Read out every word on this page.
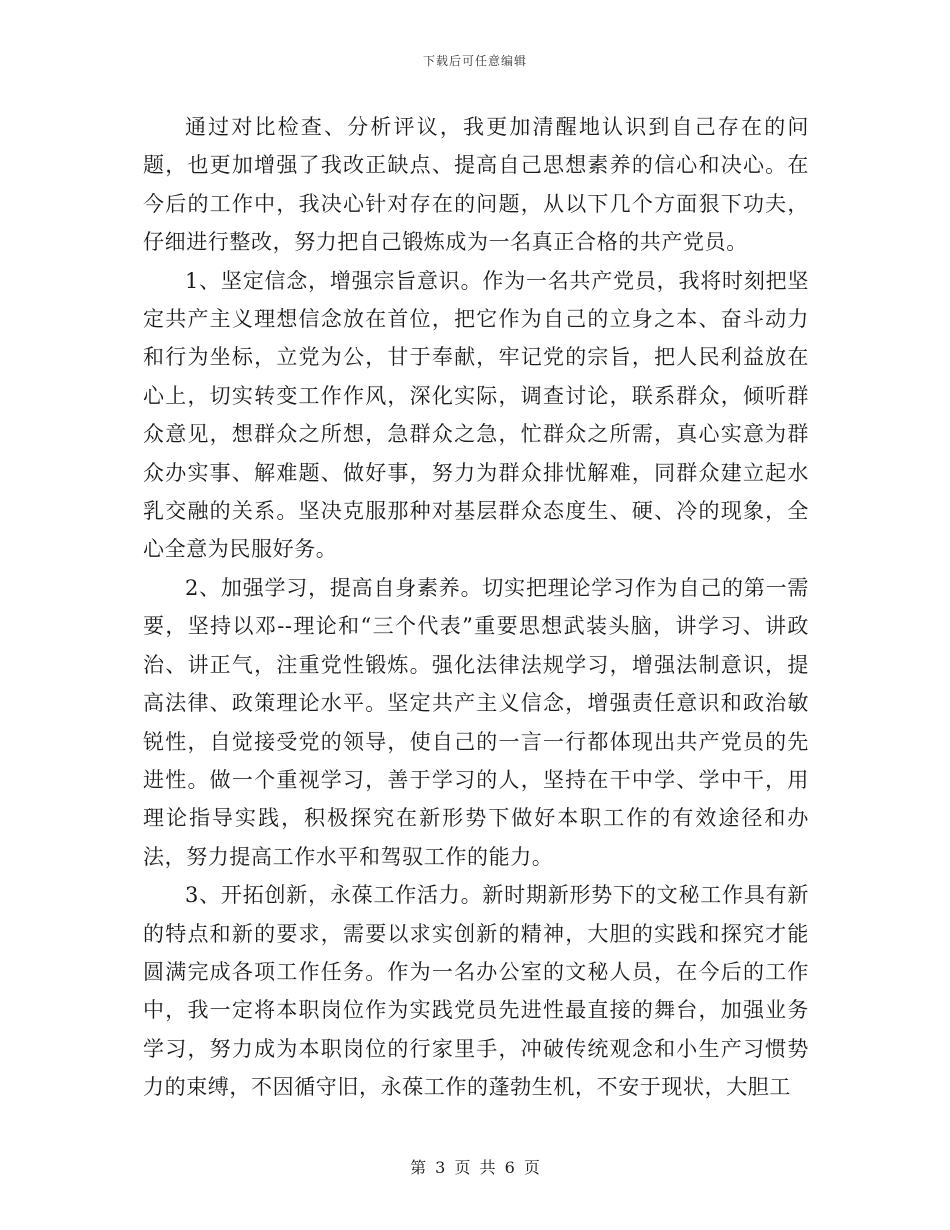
下载后可任意编辑

通过对比检查、分析评议，我更加清醒地认识到自己存在的问题，也更加增强了我改正缺点、提高自己思想素养的信心和决心。在今后的工作中，我决心针对存在的问题，从以下几个方面狠下功夫，仔细进行整改，努力把自己锻炼成为一名真正合格的共产党员。

1、坚定信念，增强宗旨意识。作为一名共产党员，我将时刻把坚定共产主义理想信念放在首位，把它作为自己的立身之本、奋斗动力和行为坐标，立党为公，甘于奉献，牢记党的宗旨，把人民利益放在心上，切实转变工作作风，深化实际，调查讨论，联系群众，倾听群众意见，想群众之所想，急群众之急，忙群众之所需，真心实意为群众办实事、解难题、做好事，努力为群众排忧解难，同群众建立起水乳交融的关系。坚决克服那种对基层群众态度生、硬、冷的现象，全心全意为民服好务。

2、加强学习，提高自身素养。切实把理论学习作为自己的第一需要，坚持以邓--理论和“三个代表”重要思想武装头脑，讲学习、讲政治、讲正气，注重党性锻炼。强化法律法规学习，增强法制意识，提高法律、政策理论水平。坚定共产主义信念，增强责任意识和政治敏锐性，自觉接受党的领导，使自己的一言一行都体现出共产党员的先进性。做一个重视学习，善于学习的人，坚持在干中学、学中干，用理论指导实践，积极探究在新形势下做好本职工作的有效途径和办法，努力提高工作水平和驾驭工作的能力。

3、开拓创新，永葆工作活力。新时期新形势下的文秘工作具有新的特点和新的要求，需要以求实创新的精神，大胆的实践和探究才能圆满完成各项工作任务。作为一名办公室的文秘人员，在今后的工作中，我一定将本职岗位作为实践党员先进性最直接的舞台，加强业务学习，努力成为本职岗位的行家里手，冲破传统观念和小生产习惯势力的束缚，不因循守旧，永葆工作的蓬勃生机，不安于现状，大胆工

第 3 页 共 6 页
